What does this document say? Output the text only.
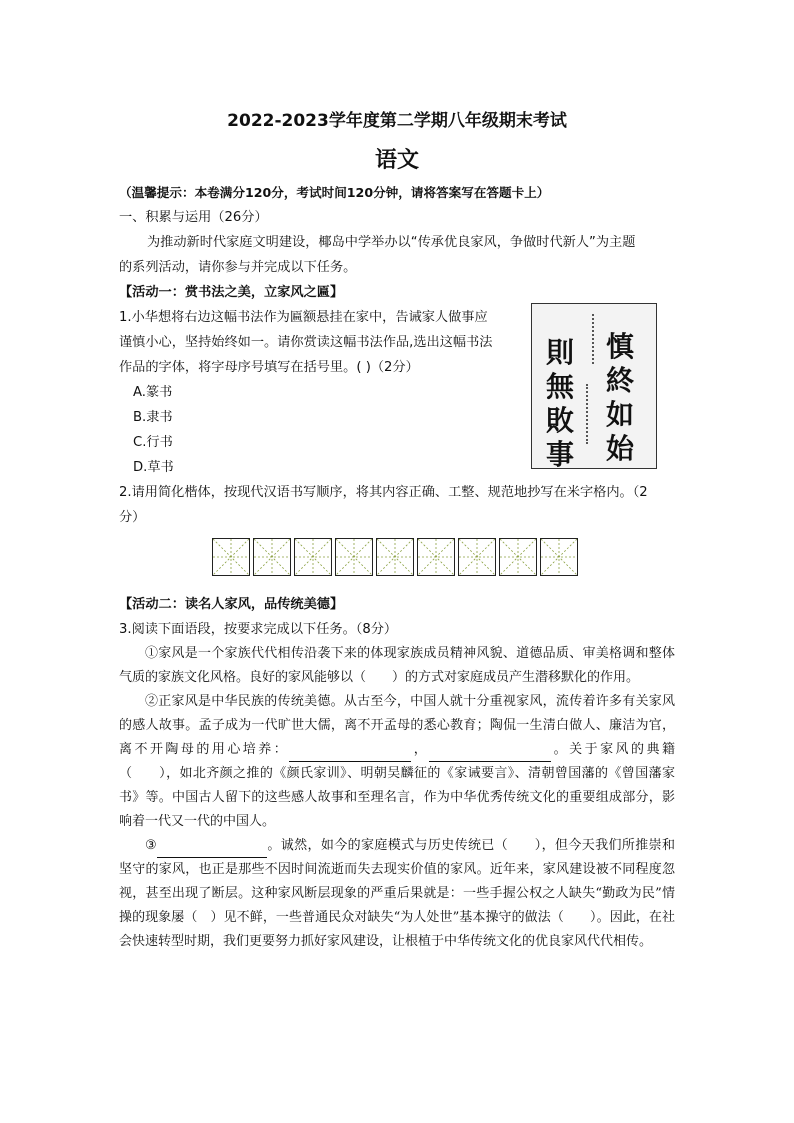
2022-2023学年度第二学期八年级期末考试
语文
（温馨提示：本卷满分120分，考试时间120分钟，请将答案写在答题卡上）
一、积累与运用（26分）
为推动新时代家庭文明建设，椰岛中学举办以“传承优良家风，争做时代新人”为主题
的系列活动，请你参与并完成以下任务。
【活动一：赏书法之美，立家风之匾】
1.小华想将右边这幅书法作为匾额悬挂在家中，告诫家人做事应
谨慎小心，坚持始终如一。请你赏读这幅书法作品,选出这幅书法
作品的字体，将字母序号填写在括号里。( )（2分）
A.篆书
B.隶书
C.行书
D.草书
慎
終
如
始
則
無
敗
事
2.请用简化楷体，按现代汉语书写顺序，将其内容正确、工整、规范地抄写在米字格内。（2
分）
【活动二：读名人家风，品传统美德】
3.阅读下面语段，按要求完成以下任务。（8分）

①家风是一个家族代代相传沿袭下来的体现家族成员精神风貌、道德品质、审美格调和整体气质的家族文化风格。良好的家风能够以（　　）的方式对家庭成员产生潜移默化的作用。

②正家风是中华民族的传统美德。从古至今，中国人就十分重视家风，流传着许多有关家风的感人故事。孟子成为一代旷世大儒，离不开孟母的悉心教育；陶侃一生清白做人、廉洁为官，离不开陶母的用心培养：	，	。关于家风的典籍（　　），如北齐颜之推的《颜氏家训》、明朝吴麟征的《家诫要言》、清朝曾国藩的《曾国藩家书》等。中国古人留下的这些感人故事和至理名言，作为中华优秀传统文化的重要组成部分，影响着一代又一代的中国人。

③	。诚然，如今的家庭模式与历史传统已（　　），但今天我们所推崇和坚守的家风，也正是那些不因时间流逝而失去现实价值的家风。近年来，家风建设被不同程度忽视，甚至出现了断层。这种家风断层现象的严重后果就是：一些手握公权之人缺失“勤政为民”情操的现象屡（　）见不鲜，一些普通民众对缺失“为人处世”基本操守的做法（　　）。因此，在社会快速转型时期，我们更要努力抓好家风建设，让根植于中华传统文化的优良家风代代相传。
